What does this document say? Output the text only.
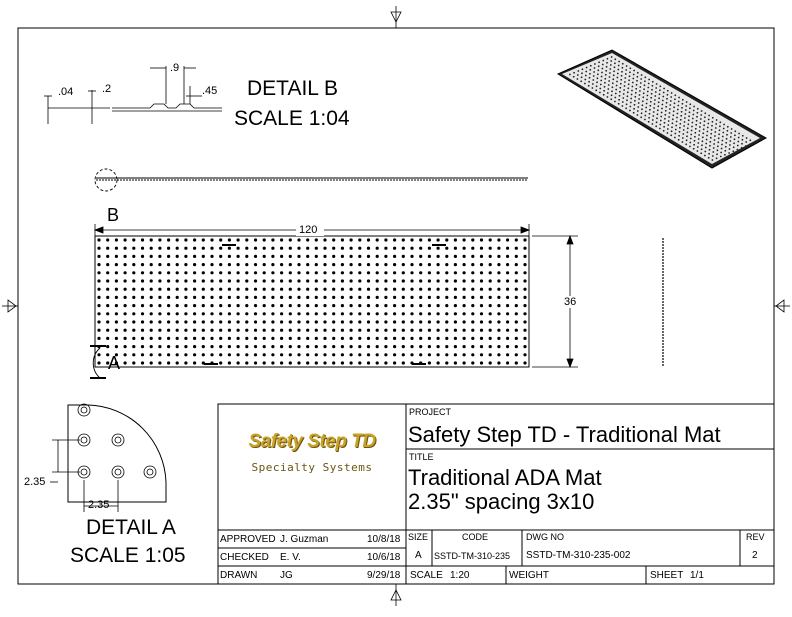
.04	.2
.9
.45 DETAIL B
SCALE 1:04
B
120
36
A
2.35
2.35
DETAIL A
SCALE 1:05
Safety Step TD
Specialty Systems
PROJECT
Safety Step TD - Traditional Mat
TITLE
Traditional ADA Mat
2.35" spacing 3x10
APPROVED J. Guzman	10/8/18
CHECKED E. V.	10/6/18
DRAWN JG	9/29/18
SIZE
A
CODE
SSTD-TM-310-235
DWG NO
SSTD-TM-310-235-002
REV
2
SCALE 1:20	WEIGHT	SHEET 1/1
